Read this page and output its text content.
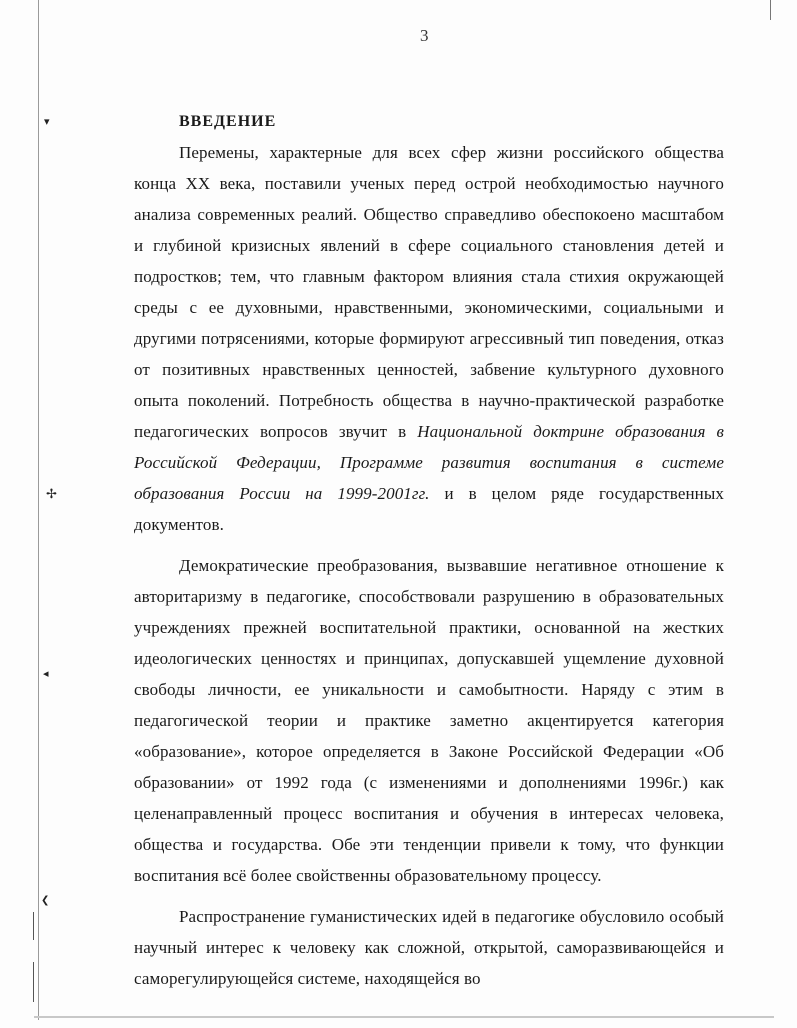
▾
✢
◂
❮
3
ВВЕДЕНИЕ

Перемены, характерные для всех сфер жизни российского общества конца XX века, поставили ученых перед острой необходимостью научного анализа современных реалий. Общество справедливо обеспокоено масштабом и глубиной кризисных явлений в сфере социального становления детей и подростков; тем, что главным фактором влияния стала стихия окружающей среды с ее духовными, нравственными, экономическими, социальными и другими потрясениями, которые формируют агрессивный тип поведения, отказ от позитивных нравственных ценностей, забвение культурного духовного опыта поколений. Потребность общества в научно-практической разработке педагогических вопросов звучит в Национальной доктрине образования в Российской Федерации, Программе развития воспитания в системе образования России на 1999-2001гг. и в целом ряде государственных документов.

Демократические преобразования, вызвавшие негативное отношение к авторитаризму в педагогике, способствовали разрушению в образовательных учреждениях прежней воспитательной практики, основанной на жестких идеологических ценностях и принципах, допускавшей ущемление духовной свободы личности, ее уникальности и самобытности. Наряду с этим в педагогической теории и практике заметно акцентируется категория «образование», которое определяется в Законе Российской Федерации «Об образовании» от 1992 года (с изменениями и дополнениями 1996г.) как целенаправленный процесс воспитания и обучения в интересах человека, общества и государства. Обе эти тенденции привели к тому, что функции воспитания всё более свойственны образовательному процессу.

Распространение гуманистических идей в педагогике обусловило особый научный интерес к человеку как сложной, открытой, саморазвивающейся и саморегулирующейся системе, находящейся во
